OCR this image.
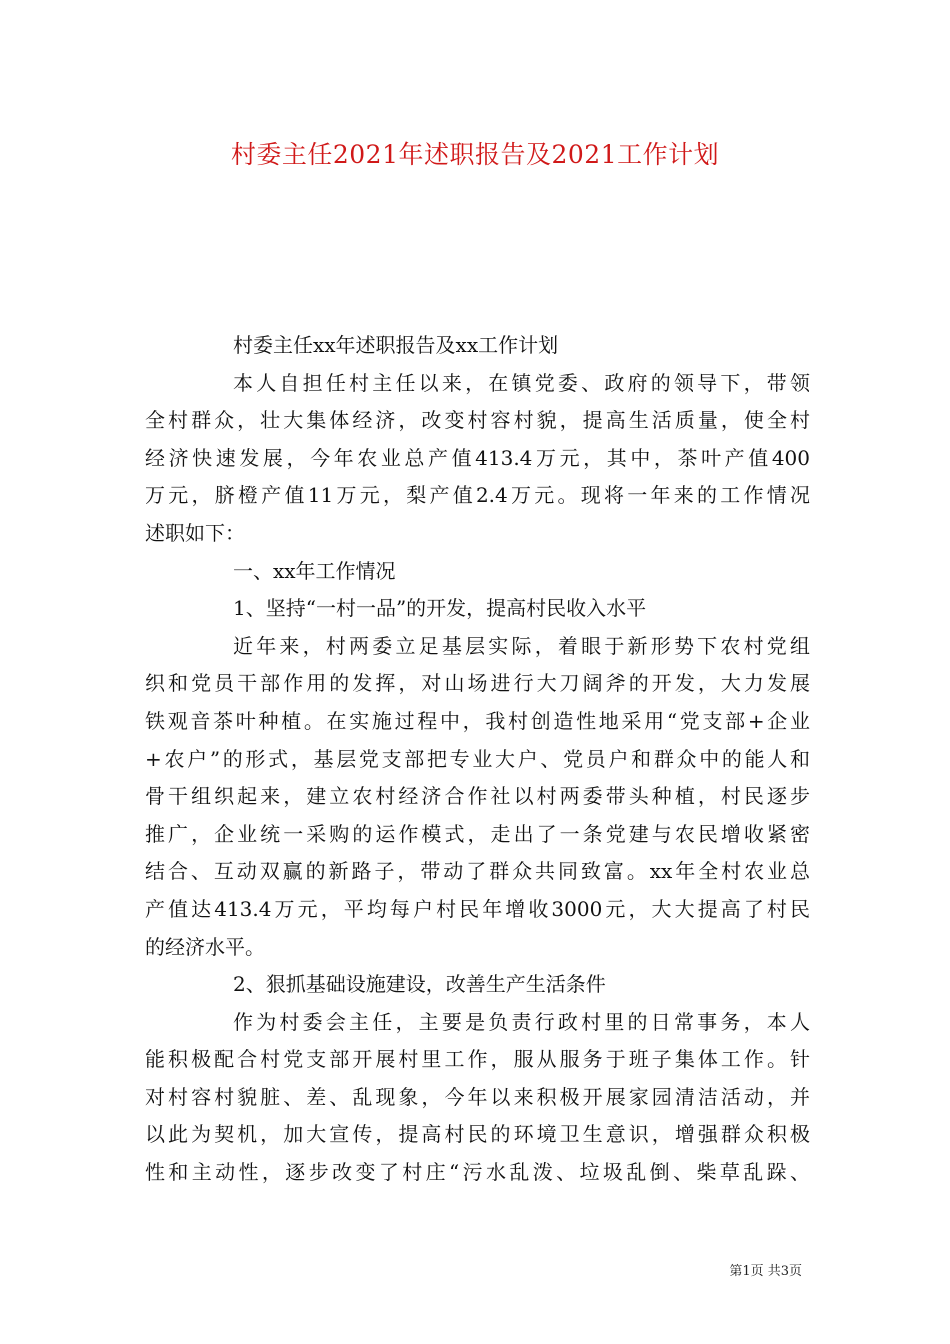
村委主任2021年述职报告及2021工作计划
村委主任xx年述职报告及xx工作计划
本人自担任村主任以来，在镇党委、政府的领导下，带领
全村群众，壮大集体经济，改变村容村貌，提高生活质量，使全村
经济快速发展，今年农业总产值413.4万元，其中，茶叶产值400
万元，脐橙产值11万元，梨产值2.4万元。现将一年来的工作情况
述职如下：
一、xx年工作情况
1、坚持“一村一品”的开发，提高村民收入水平
近年来，村两委立足基层实际，着眼于新形势下农村党组
织和党员干部作用的发挥，对山场进行大刀阔斧的开发，大力发展
铁观音茶叶种植。在实施过程中，我村创造性地采用“党支部+企业
+农户”的形式，基层党支部把专业大户、党员户和群众中的能人和
骨干组织起来，建立农村经济合作社以村两委带头种植，村民逐步
推广，企业统一采购的运作模式，走出了一条党建与农民增收紧密
结合、互动双赢的新路子，带动了群众共同致富。xx年全村农业总
产值达413.4万元，平均每户村民年增收3000元，大大提高了村民
的经济水平。
2、狠抓基础设施建设，改善生产生活条件
作为村委会主任，主要是负责行政村里的日常事务，本人
能积极配合村党支部开展村里工作，服从服务于班子集体工作。针
对村容村貌脏、差、乱现象，今年以来积极开展家园清洁活动，并
以此为契机，加大宣传，提高村民的环境卫生意识，增强群众积极
性和主动性，逐步改变了村庄“污水乱泼、垃圾乱倒、柴草乱跺、
第1页 共3页
